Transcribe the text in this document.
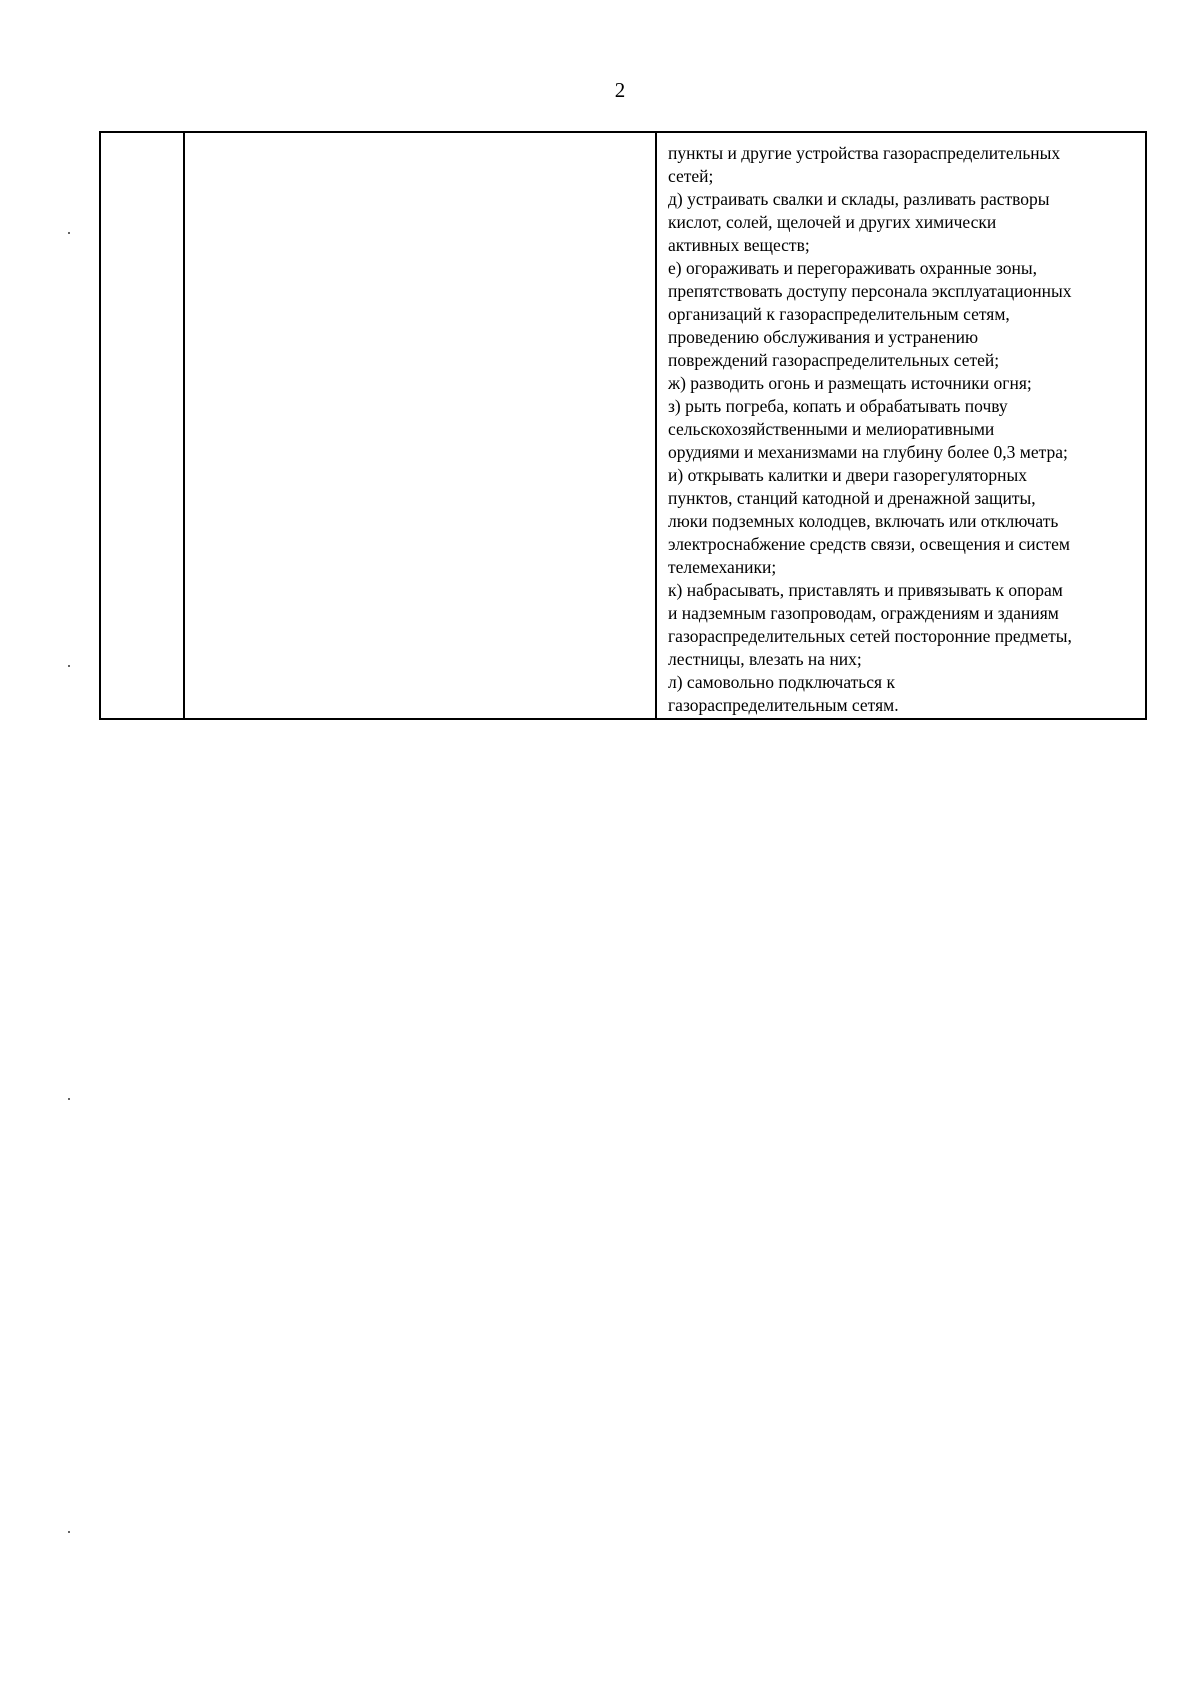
2
пункты и другие устройства газораспределительных
сетей;
д) устраивать свалки и склады, разливать растворы
кислот, солей, щелочей и других химически
активных веществ;
е) огораживать и перегораживать охранные зоны,
препятствовать доступу персонала эксплуатационных
организаций к газораспределительным сетям,
проведению обслуживания и устранению
повреждений газораспределительных сетей;
ж) разводить огонь и размещать источники огня;
з) рыть погреба, копать и обрабатывать почву
сельскохозяйственными и мелиоративными
орудиями и механизмами на глубину более 0,3 метра;
и) открывать калитки и двери газорегуляторных
пунктов, станций катодной и дренажной защиты,
люки подземных колодцев, включать или отключать
электроснабжение средств связи, освещения и систем
телемеханики;
к) набрасывать, приставлять и привязывать к опорам
и надземным газопроводам, ограждениям и зданиям
газораспределительных сетей посторонние предметы,
лестницы, влезать на них;
л) самовольно подключаться к
газораспределительным сетям.
